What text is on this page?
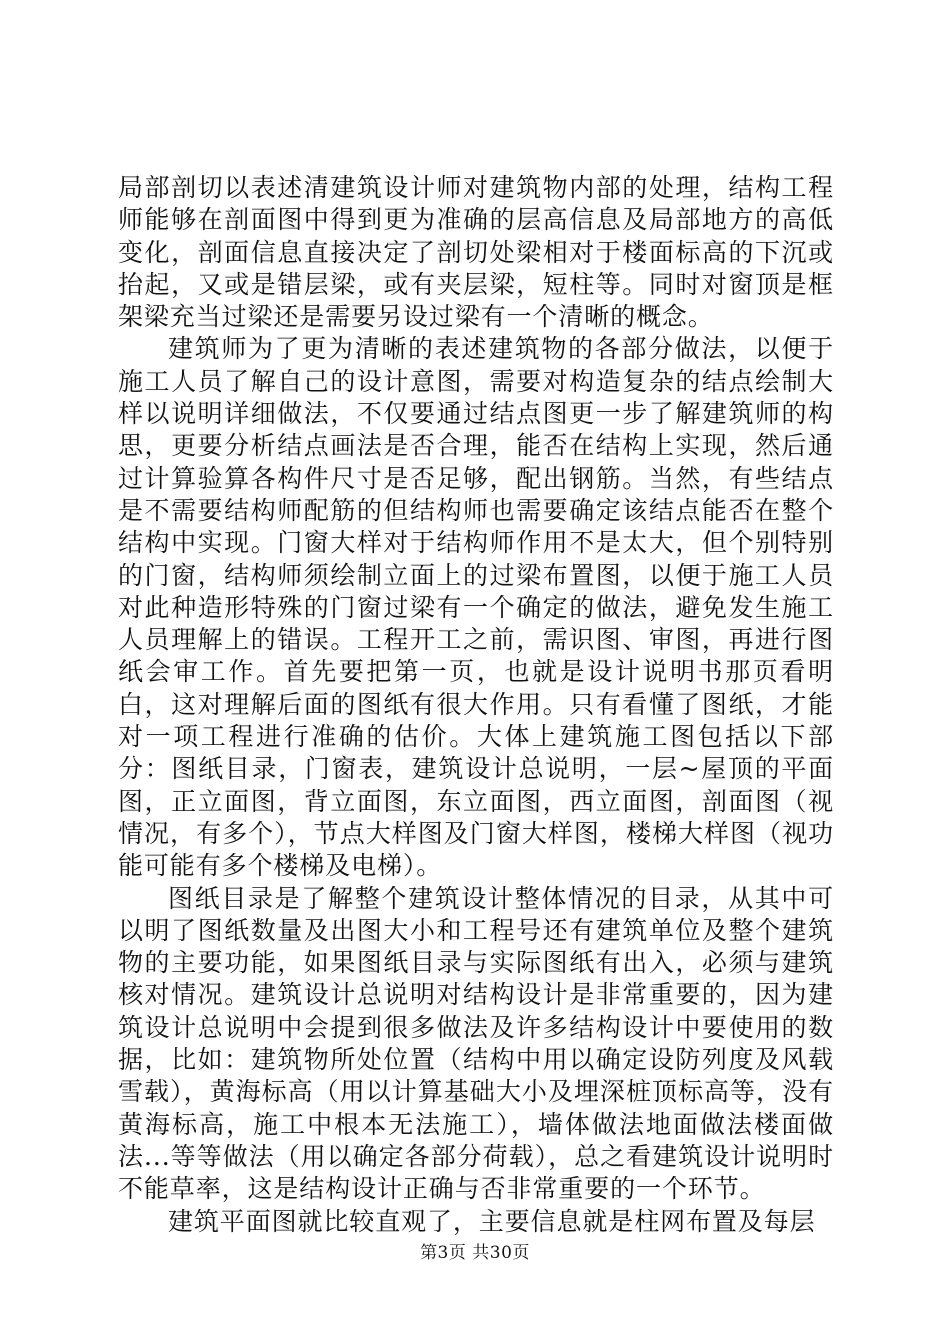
局部剖切以表述清建筑设计师对建筑物内部的处理，结构工程师能够在剖面图中得到更为准确的层高信息及局部地方的高低变化，剖面信息直接决定了剖切处梁相对于楼面标高的下沉或抬起，又或是错层梁，或有夹层梁，短柱等。同时对窗顶是框架梁充当过梁还是需要另设过梁有一个清晰的概念。

建筑师为了更为清晰的表述建筑物的各部分做法，以便于施工人员了解自己的设计意图，需要对构造复杂的结点绘制大样以说明详细做法，不仅要通过结点图更一步了解建筑师的构思，更要分析结点画法是否合理，能否在结构上实现，然后通过计算验算各构件尺寸是否足够，配出钢筋。当然，有些结点是不需要结构师配筋的但结构师也需要确定该结点能否在整个结构中实现。门窗大样对于结构师作用不是太大，但个别特别的门窗，结构师须绘制立面上的过梁布置图，以便于施工人员对此种造形特殊的门窗过梁有一个确定的做法，避免发生施工人员理解上的错误。工程开工之前，需识图、审图，再进行图纸会审工作。首先要把第一页，也就是设计说明书那页看明白，这对理解后面的图纸有很大作用。只有看懂了图纸，才能对一项工程进行准确的估价。大体上建筑施工图包括以下部分：图纸目录，门窗表，建筑设计总说明，一层~屋顶的平面图，正立面图，背立面图，东立面图，西立面图，剖面图（视情况，有多个），节点大样图及门窗大样图，楼梯大样图（视功能可能有多个楼梯及电梯）。

图纸目录是了解整个建筑设计整体情况的目录，从其中可以明了图纸数量及出图大小和工程号还有建筑单位及整个建筑物的主要功能，如果图纸目录与实际图纸有出入，必须与建筑核对情况。建筑设计总说明对结构设计是非常重要的，因为建筑设计总说明中会提到很多做法及许多结构设计中要使用的数据，比如：建筑物所处位置（结构中用以确定设防列度及风载雪载），黄海标高（用以计算基础大小及埋深桩顶标高等，没有黄海标高，施工中根本无法施工），墙体做法地面做法楼面做法...等等做法（用以确定各部分荷载），总之看建筑设计说明时不能草率，这是结构设计正确与否非常重要的一个环节。

建筑平面图就比较直观了，主要信息就是柱网布置及每层

第3页 共30页
